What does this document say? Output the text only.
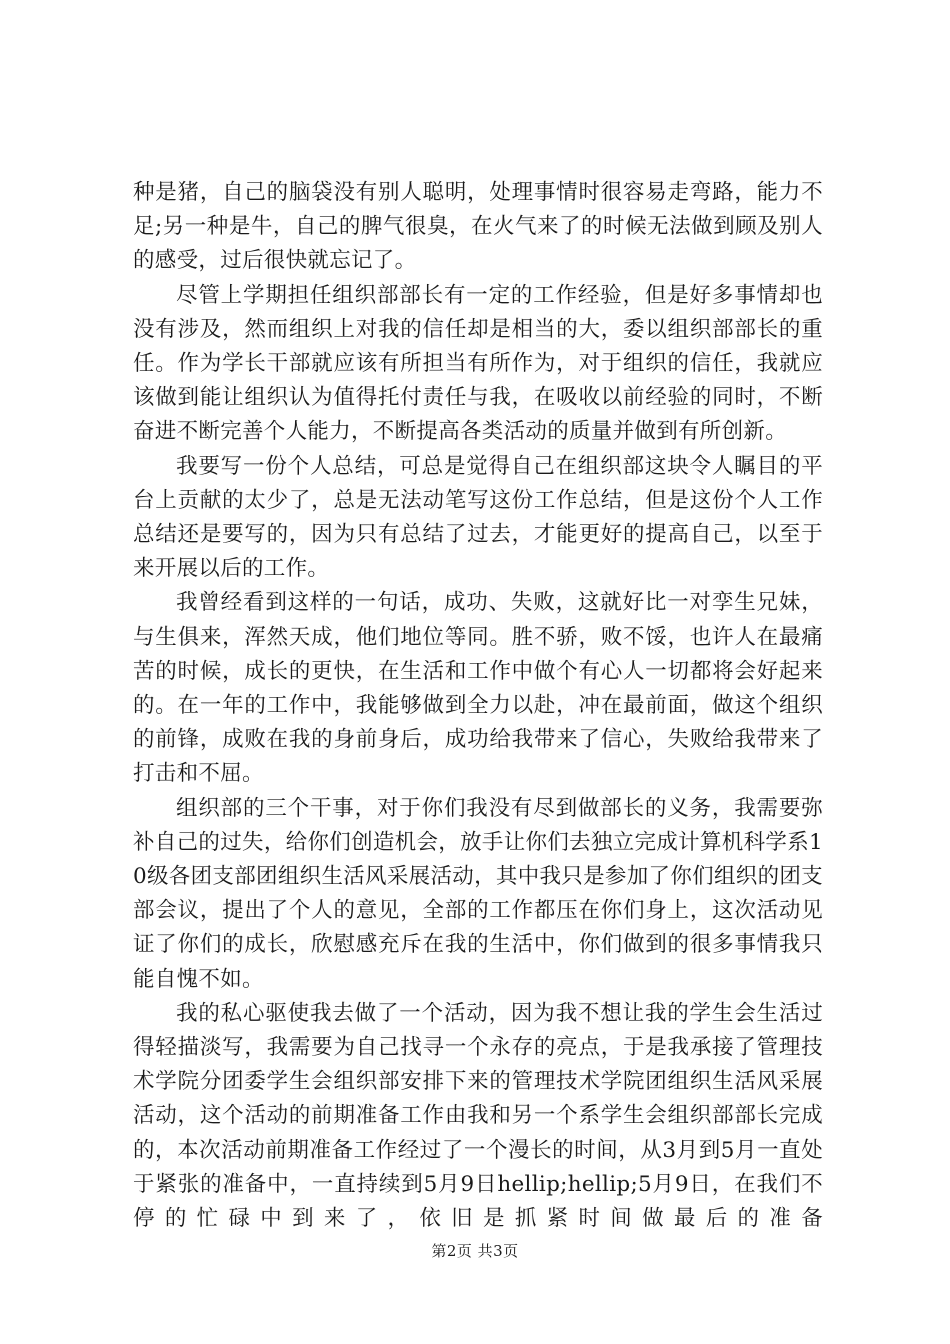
种是猪，自己的脑袋没有别人聪明，处理事情时很容易走弯路，能力不足;另一种是牛，自己的脾气很臭，在火气来了的时候无法做到顾及别人的感受，过后很快就忘记了。

尽管上学期担任组织部部长有一定的工作经验，但是好多事情却也没有涉及，然而组织上对我的信任却是相当的大，委以组织部部长的重任。作为学长干部就应该有所担当有所作为，对于组织的信任，我就应该做到能让组织认为值得托付责任与我，在吸收以前经验的同时，不断奋进不断完善个人能力，不断提高各类活动的质量并做到有所创新。

我要写一份个人总结，可总是觉得自己在组织部这块令人瞩目的平台上贡献的太少了，总是无法动笔写这份工作总结，但是这份个人工作总结还是要写的，因为只有总结了过去，才能更好的提高自己，以至于来开展以后的工作。

我曾经看到这样的一句话，成功、失败，这就好比一对孪生兄妹，与生俱来，浑然天成，他们地位等同。胜不骄，败不馁，也许人在最痛苦的时候，成长的更快，在生活和工作中做个有心人一切都将会好起来的。在一年的工作中，我能够做到全力以赴，冲在最前面，做这个组织的前锋，成败在我的身前身后，成功给我带来了信心，失败给我带来了打击和不屈。

组织部的三个干事，对于你们我没有尽到做部长的义务，我需要弥补自己的过失，给你们创造机会，放手让你们去独立完成计算机科学系10级各团支部团组织生活风采展活动，其中我只是参加了你们组织的团支部会议，提出了个人的意见，全部的工作都压在你们身上，这次活动见证了你们的成长，欣慰感充斥在我的生活中，你们做到的很多事情我只能自愧不如。

我的私心驱使我去做了一个活动，因为我不想让我的学生会生活过得轻描淡写，我需要为自己找寻一个永存的亮点，于是我承接了管理技术学院分团委学生会组织部安排下来的管理技术学院团组织生活风采展活动，这个活动的前期准备工作由我和另一个系学生会组织部部长完成的，本次活动前期准备工作经过了一个漫长的时间，从3月到5月一直处于紧张的准备中，一直持续到5月9日hellip;hellip;5月9日，在我们不停的忙碌中到来了，依旧是抓紧时间做最后的准备

第2页 共3页
